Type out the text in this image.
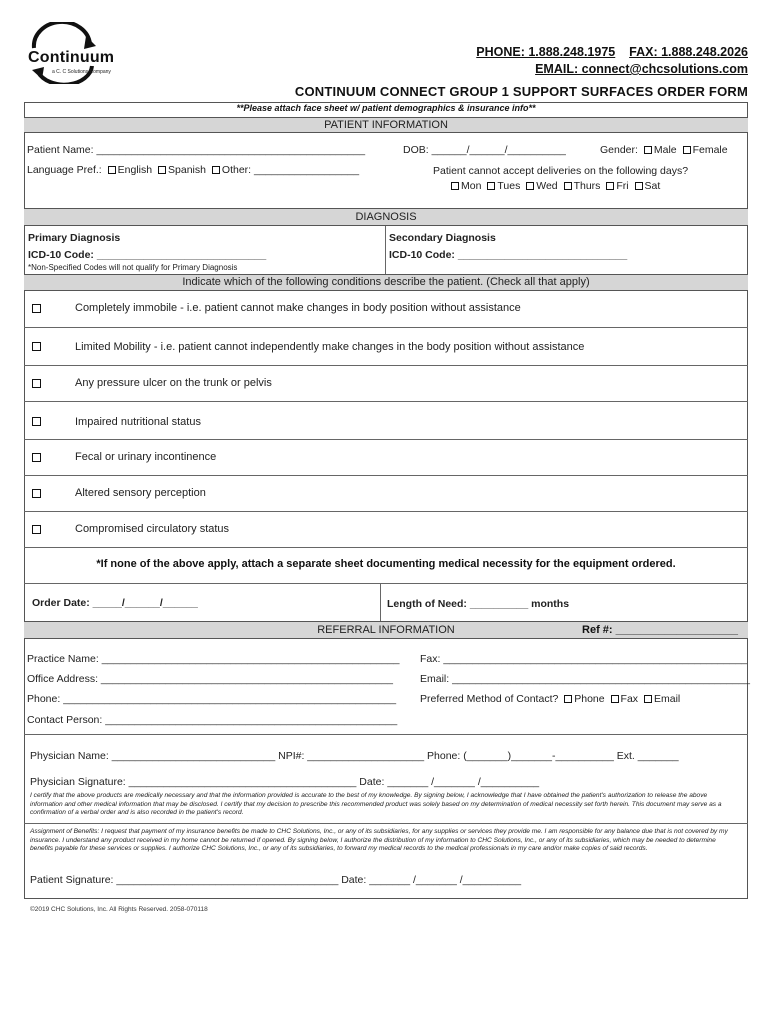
Continuum
a C. C Solutions Company
PHONE: 1.888.248.1975 FAX: 1.888.248.2026
EMAIL: connect@chcsolutions.com
CONTINUUM CONNECT GROUP 1 SUPPORT SURFACES ORDER FORM
**Please attach face sheet w/ patient demographics & insurance info**
PATIENT INFORMATION
Patient Name: ______________________________________________	DOB: ______/______/__________	Gender: Male Female
Language Pref.: English Spanish Other: __________________	Patient cannot accept deliveries on the following days?
Mon Tues Wed Thurs Fri Sat
DIAGNOSIS
Primary Diagnosis
ICD-10 Code: _____________________________
*Non-Specified Codes will not qualify for Primary Diagnosis
Secondary Diagnosis
ICD-10 Code: _____________________________
Indicate which of the following conditions describe the patient. (Check all that apply)
Completely immobile - i.e. patient cannot make changes in body position without assistance
Limited Mobility - i.e. patient cannot independently make changes in the body position without assistance
Any pressure ulcer on the trunk or pelvis
Impaired nutritional status
Fecal or urinary incontinence
Altered sensory perception
Compromised circulatory status
*If none of the above apply, attach a separate sheet documenting medical necessity for the equipment ordered.
Order Date: _____/______/______	Length of Need: __________ months
REFERRAL INFORMATION	Ref #: ____________________
Practice Name: ___________________________________________________
Office Address: __________________________________________________
Phone: _________________________________________________________
Contact Person: __________________________________________________
Fax: ____________________________________________________
Email: ___________________________________________________
Preferred Method of Contact? Phone Fax Email
Physician Name: ____________________________ NPI#: ____________________ Phone: (_______)_______-__________ Ext. _______
Physician Signature: _______________________________________ Date: _______ /_______ /__________
I certify that the above products are medically necessary and that the information provided is accurate to the best of my knowledge. By signing below, I acknowledge that I have obtained the patient's authorization to release the above information and other medical information that may be disclosed. I certify that my decision to prescribe this recommended product was solely based on my determination of medical necessity set forth herein. This document may serve as a confirmation of a verbal order and is also recorded in the patient's record.
Assignment of Benefits: I request that payment of my insurance benefits be made to CHC Solutions, Inc., or any of its subsidiaries, for any supplies or services they provide me. I am responsible for any balance due that is not covered by my insurance. I understand any product received in my home cannot be returned if opened. By signing below, I authorize the distribution of my information to CHC Solutions, Inc., or any of its subsidiaries, which may be needed to determine benefits payable for these services or supplies. I authorize CHC Solutions, Inc., or any of its subsidiaries, to forward my medical records to the medical professionals in my care and/or make copies of said records.
Patient Signature: ______________________________________ Date: _______ /_______ /__________
©2019 CHC Solutions, Inc. All Rights Reserved. 2058-070118
